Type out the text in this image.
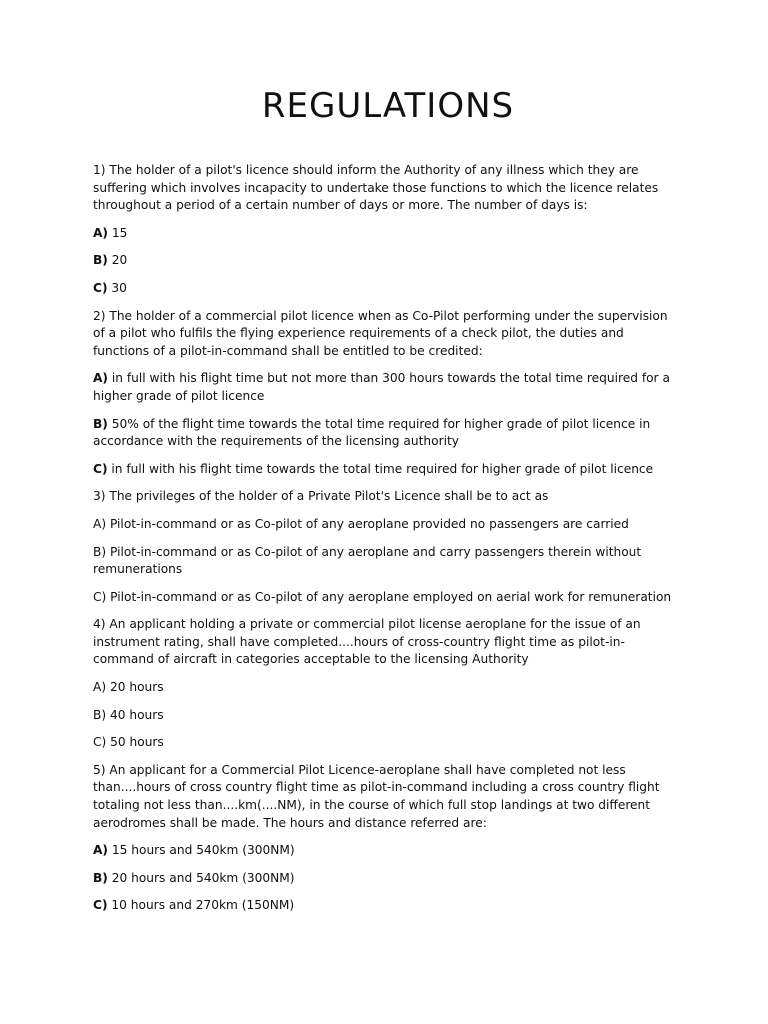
REGULATIONS

1) The holder of a pilot's licence should inform the Authority of any illness which they are suffering which involves incapacity to undertake those functions to which the licence relates throughout a period of a certain number of days or more. The number of days is:

A) 15

B) 20

C) 30

2) The holder of a commercial pilot licence when as Co-Pilot performing under the supervision of a pilot who fulfils the flying experience requirements of a check pilot, the duties and functions of a pilot-in-command shall be entitled to be credited:

A) in full with his flight time but not more than 300 hours towards the total time required for a higher grade of pilot licence

B) 50% of the flight time towards the total time required for higher grade of pilot licence in accordance with the requirements of the licensing authority

C) in full with his flight time towards the total time required for higher grade of pilot licence

3) The privileges of the holder of a Private Pilot's Licence shall be to act as

A) Pilot-in-command or as Co-pilot of any aeroplane provided no passengers are carried

B) Pilot-in-command or as Co-pilot of any aeroplane and carry passengers therein without remunerations

C) Pilot-in-command or as Co-pilot of any aeroplane employed on aerial work for remuneration

4) An applicant holding a private or commercial pilot license aeroplane for the issue of an instrument rating, shall have completed....hours of cross-country flight time as pilot-in-command of aircraft in categories acceptable to the licensing Authority

A) 20 hours

B) 40 hours

C) 50 hours

5) An applicant for a Commercial Pilot Licence-aeroplane shall have completed not less than....hours of cross country flight time as pilot-in-command including a cross country flight totaling not less than....km(....NM), in the course of which full stop landings at two different aerodromes shall be made. The hours and distance referred are:

A) 15 hours and 540km (300NM)

B) 20 hours and 540km (300NM)

C) 10 hours and 270km (150NM)
